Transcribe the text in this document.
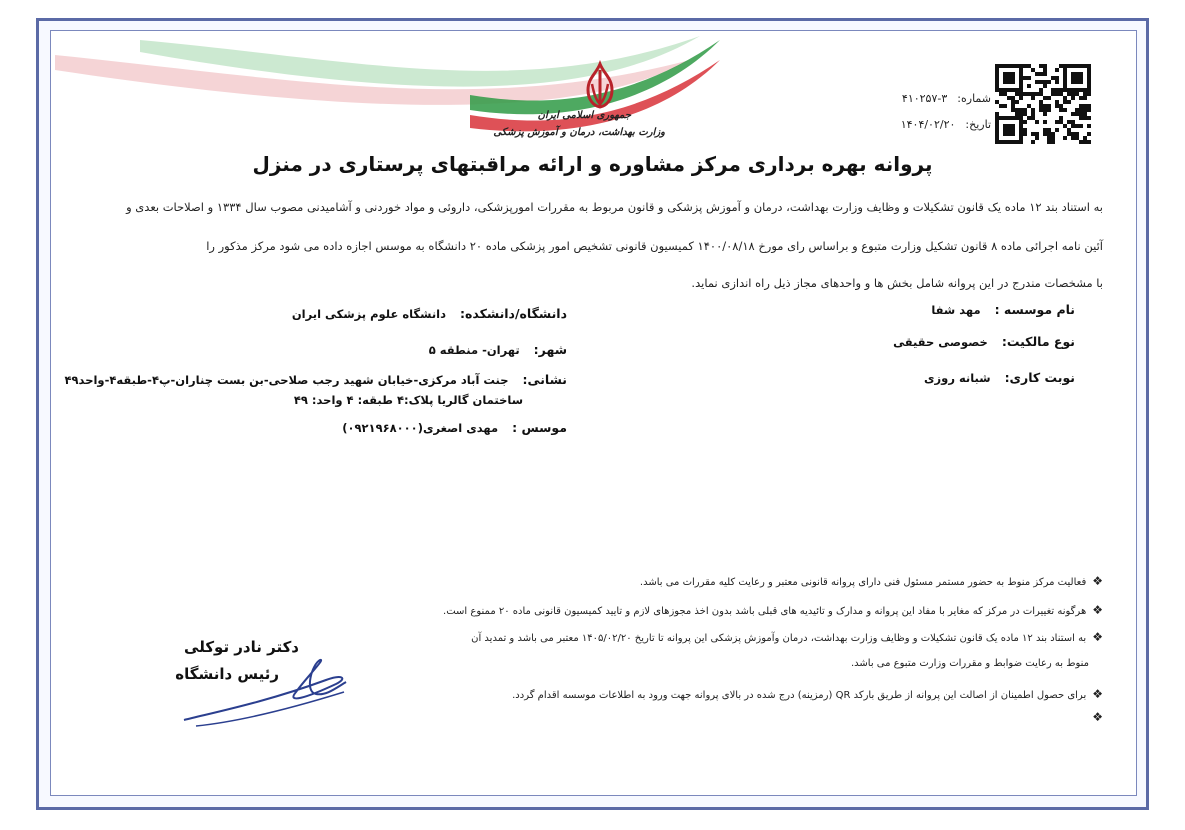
جمهوری اسلامی ایران
وزارت بهداشت، درمان و آموزش پزشکی
شماره:۳-۴۱۰۲۵۷
تاریخ:۱۴۰۴/۰۲/۲۰
پروانه بهره برداری مرکز مشاوره و ارائه مراقبتهای پرستاری در منزل
به استناد بند ۱۲ ماده یک قانون تشکیلات و وظایف وزارت بهداشت، درمان و آموزش پزشکی و قانون مربوط به مقررات امورپزشکی، داروئی و مواد خوردنی و آشامیدنی مصوب سال ۱۳۳۴ و اصلاحات بعدی و
آئین نامه اجرائی ماده ۸ قانون تشکیل وزارت متبوع و براساس رای مورخ ۱۴۰۰/۰۸/۱۸ کمیسیون قانونی تشخیص امور پزشکی ماده ۲۰ دانشگاه به موسس اجازه داده می شود مرکز مذکور را
با مشخصات مندرج در این پروانه شامل بخش ها و واحدهای مجاز ذیل راه اندازی نماید.
نام موسسه :مهد شفا
نوع مالکیت:خصوصی حقیقی
نوبت کاری:شبانه روزی
دانشگاه/دانشکده:دانشگاه علوم پزشکی ایران
شهر:تهران- منطقه ۵
نشانی:جنت آباد مرکزی-خیابان شهید رجب صلاحی-بن بست چناران-پ۴-طبقه۴-واحد۴۹
ساختمان گالریا پلاک:۴ طبقه: ۴ واحد: ۴۹
موسس :مهدی اصغری(۰۹۲۱۹۶۸۰۰۰)
❖فعالیت مرکز منوط به حضور مستمر مسئول فنی دارای پروانه قانونی معتبر و رعایت کلیه مقررات می باشد.
❖هرگونه تغییرات در مرکز که مغایر با مفاد این پروانه و مدارک و تائیدیه های قبلی باشد بدون اخذ مجوزهای لازم و تایید کمیسیون قانونی ماده ۲۰ ممنوع است.
❖به استناد بند ۱۲ ماده یک قانون تشکیلات و وظایف وزارت بهداشت، درمان وآموزش پزشکی این پروانه تا تاریخ ۱۴۰۵/۰۲/۲۰ معتبر می باشد و تمدید آن
منوط به رعایت ضوابط و مقررات وزارت متبوع می باشد.
❖برای حصول اطمینان از اصالت این پروانه از طریق بارکد QR (رمزینه) درج شده در بالای پروانه جهت ورود به اطلاعات موسسه اقدام گردد.
❖
دکتر نادر توکلی
رئیس دانشگاه
